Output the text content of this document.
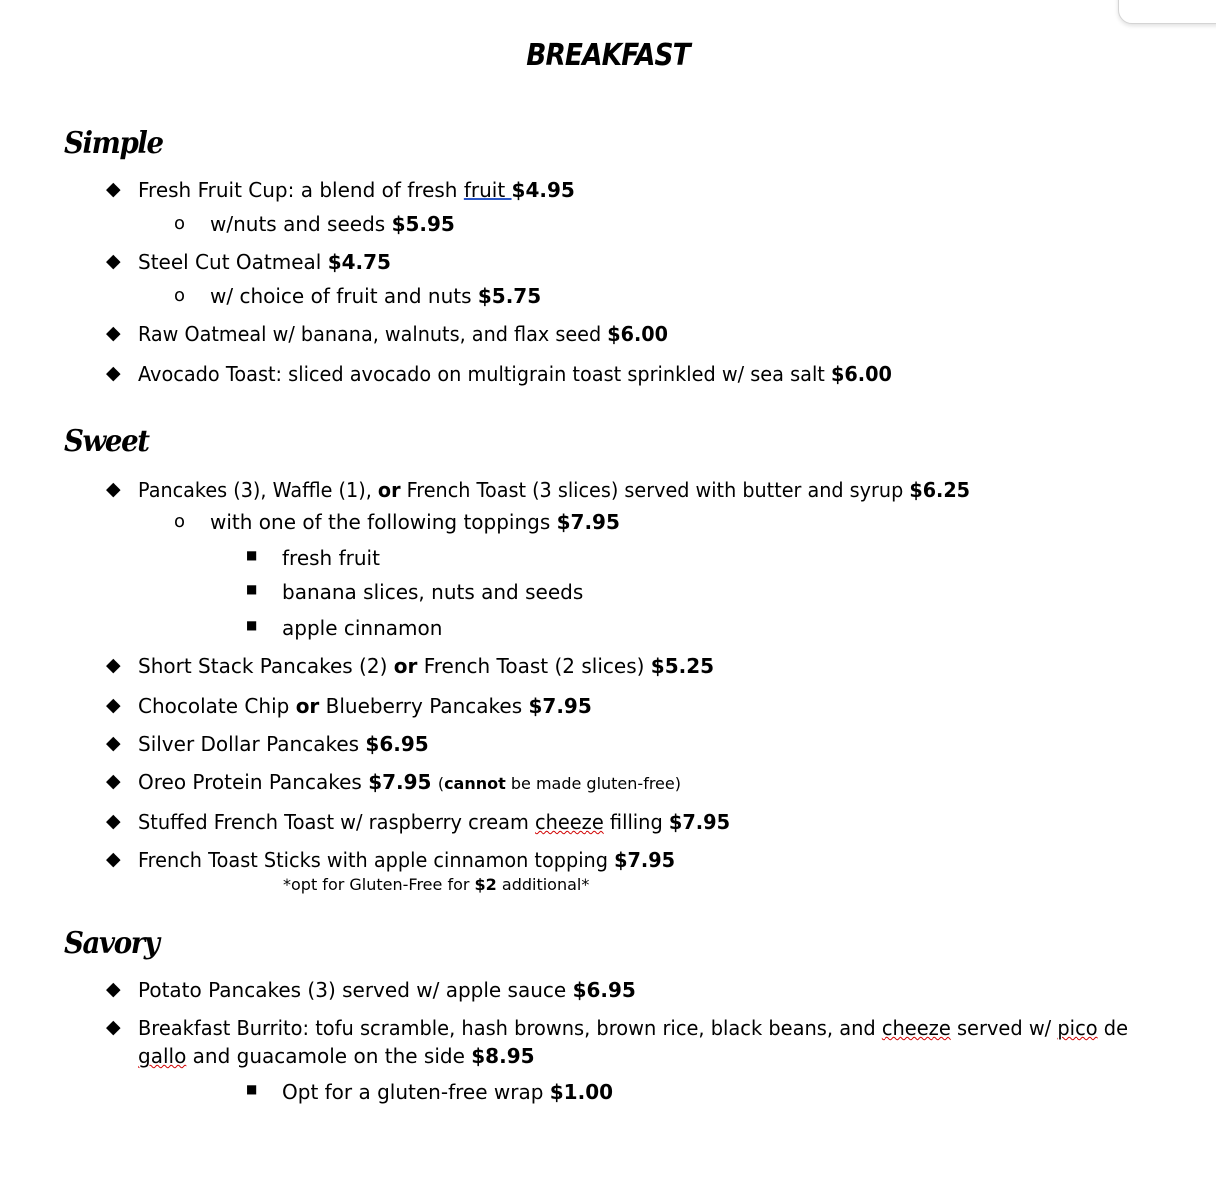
BREAKFAST
Simple
◆ Fresh Fruit Cup: a blend of fresh fruit $4.95
o w/nuts and seeds $5.95
◆ Steel Cut Oatmeal $4.75
o w/ choice of fruit and nuts $5.75
◆ Raw Oatmeal w/ banana, walnuts, and flax seed $6.00
◆ Avocado Toast: sliced avocado on multigrain toast sprinkled w/ sea salt $6.00
Sweet
◆ Pancakes (3), Waffle (1), or French Toast (3 slices) served with butter and syrup $6.25
o with one of the following toppings $7.95
■ fresh fruit
■ banana slices, nuts and seeds
■ apple cinnamon
◆ Short Stack Pancakes (2) or French Toast (2 slices) $5.25
◆ Chocolate Chip or Blueberry Pancakes $7.95
◆ Silver Dollar Pancakes $6.95
◆ Oreo Protein Pancakes $7.95 (cannot be made gluten-free)
◆ Stuffed French Toast w/ raspberry cream cheeze filling $7.95
◆ French Toast Sticks with apple cinnamon topping $7.95
*opt for Gluten-Free for $2 additional*
Savory
◆ Potato Pancakes (3) served w/ apple sauce $6.95
◆ Breakfast Burrito: tofu scramble, hash browns, brown rice, black beans, and cheeze served w/ pico de
gallo and guacamole on the side $8.95
■ Opt for a gluten-free wrap $1.00
